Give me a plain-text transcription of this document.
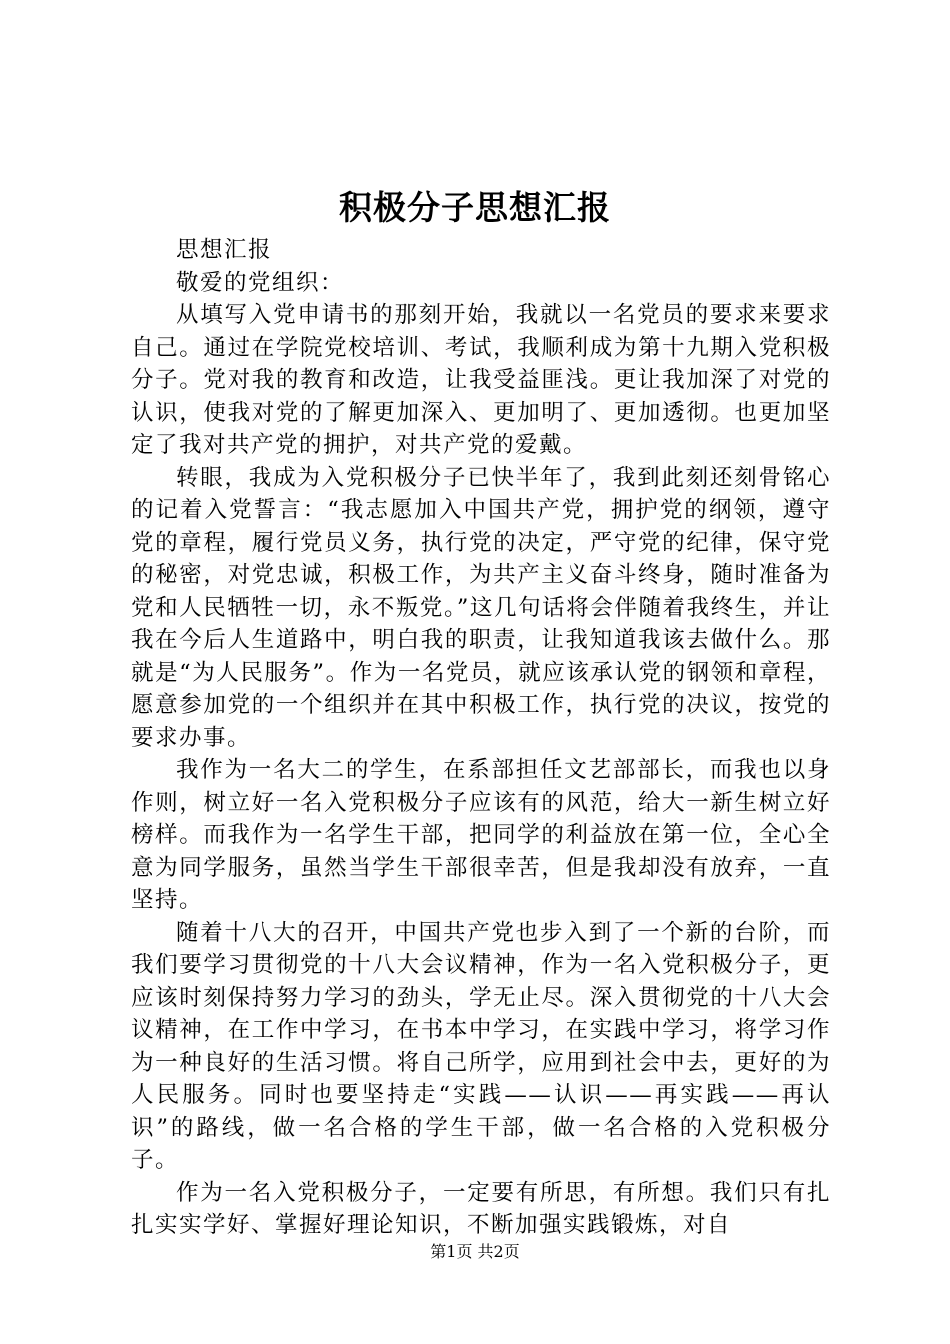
积极分子思想汇报

思想汇报

敬爱的党组织：

从填写入党申请书的那刻开始，我就以一名党员的要求来要求自己。通过在学院党校培训、考试，我顺利成为第十九期入党积极分子。党对我的教育和改造，让我受益匪浅。更让我加深了对党的认识，使我对党的了解更加深入、更加明了、更加透彻。也更加坚定了我对共产党的拥护，对共产党的爱戴。

转眼，我成为入党积极分子已快半年了，我到此刻还刻骨铭心的记着入党誓言：“我志愿加入中国共产党，拥护党的纲领，遵守党的章程，履行党员义务，执行党的决定，严守党的纪律，保守党的秘密，对党忠诚，积极工作，为共产主义奋斗终身，随时准备为党和人民牺牲一切，永不叛党。”这几句话将会伴随着我终生，并让我在今后人生道路中，明白我的职责，让我知道我该去做什么。那就是“为人民服务”。作为一名党员，就应该承认党的钢领和章程，愿意参加党的一个组织并在其中积极工作，执行党的决议，按党的要求办事。

我作为一名大二的学生，在系部担任文艺部部长，而我也以身作则，树立好一名入党积极分子应该有的风范，给大一新生树立好榜样。而我作为一名学生干部，把同学的利益放在第一位，全心全意为同学服务，虽然当学生干部很幸苦，但是我却没有放弃，一直坚持。

随着十八大的召开，中国共产党也步入到了一个新的台阶，而我们要学习贯彻党的十八大会议精神，作为一名入党积极分子，更应该时刻保持努力学习的劲头，学无止尽。深入贯彻党的十八大会议精神，在工作中学习，在书本中学习，在实践中学习，将学习作为一种良好的生活习惯。将自己所学，应用到社会中去，更好的为人民服务。同时也要坚持走“实践——认识——再实践——再认识”的路线，做一名合格的学生干部，做一名合格的入党积极分子。

作为一名入党积极分子，一定要有所思，有所想。我们只有扎扎实实学好、掌握好理论知识，不断加强实践锻炼，对自

第1页 共2页
